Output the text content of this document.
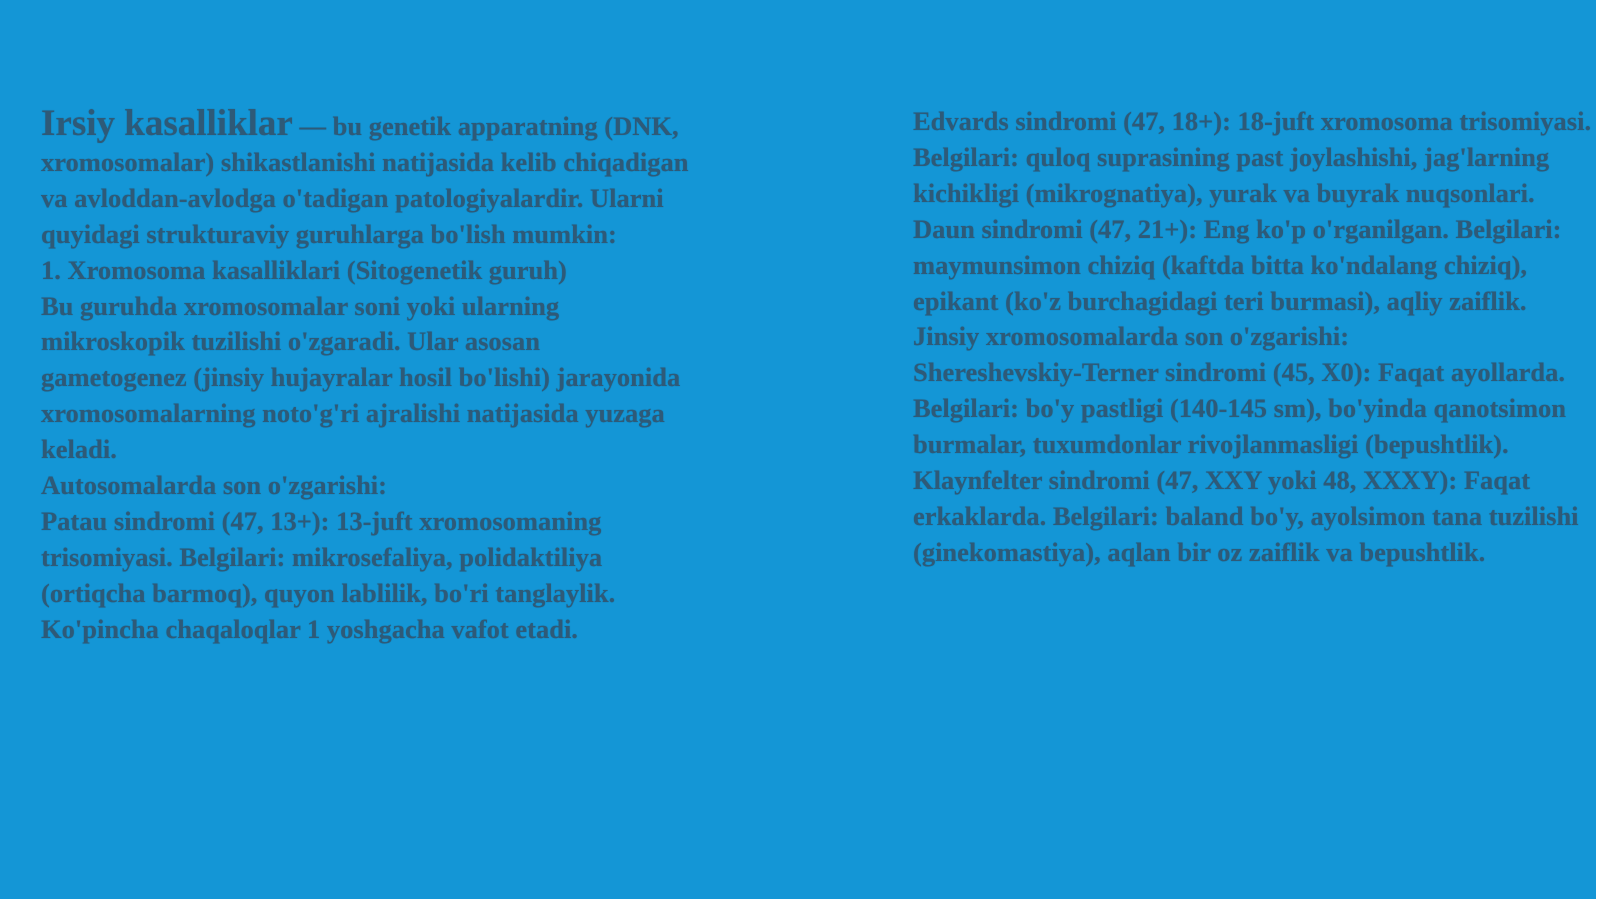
Irsiy kasalliklar — bu genetik apparatning (DNK, xromosomalar) shikastlanishi natijasida kelib chiqadigan va avloddan-avlodga o'tadigan patologiyalardir. Ularni quyidagi strukturaviy guruhlarga bo'lish mumkin:

1. Xromosoma kasalliklari (Sitogenetik guruh)

Bu guruhda xromosomalar soni yoki ularning mikroskopik tuzilishi o'zgaradi. Ular asosan gametogenez (jinsiy hujayralar hosil bo'lishi) jarayonida xromosomalarning noto'g'ri ajralishi natijasida yuzaga keladi.

Autosomalarda son o'zgarishi:

Patau sindromi (47, 13+): 13-juft xromosomaning trisomiyasi. Belgilari: mikrosefaliya, polidaktiliya (ortiqcha barmoq), quyon lablilik, bo'ri tanglaylik. Ko'pincha chaqaloqlar 1 yoshgacha vafot etadi.

Edvards sindromi (47, 18+): 18-juft xromosoma trisomiyasi. Belgilari: quloq suprasining past joylashishi, jag'larning kichikligi (mikrognatiya), yurak va buyrak nuqsonlari.

Daun sindromi (47, 21+): Eng ko'p o'rganilgan. Belgilari: maymunsimon chiziq (kaftda bitta ko'ndalang chiziq), epikant (ko'z burchagidagi teri burmasi), aqliy zaiflik.

Jinsiy xromosomalarda son o'zgarishi:

Shereshevskiy-Terner sindromi (45, X0): Faqat ayollarda. Belgilari: bo'y pastligi (140-145 sm), bo'yinda qanotsimon burmalar, tuxumdonlar rivojlanmasligi (bepushtlik).

Klaynfelter sindromi (47, XXY yoki 48, XXXY): Faqat erkaklarda. Belgilari: baland bo'y, ayolsimon tana tuzilishi (ginekomastiya), aqlan bir oz zaiflik va bepushtlik.
